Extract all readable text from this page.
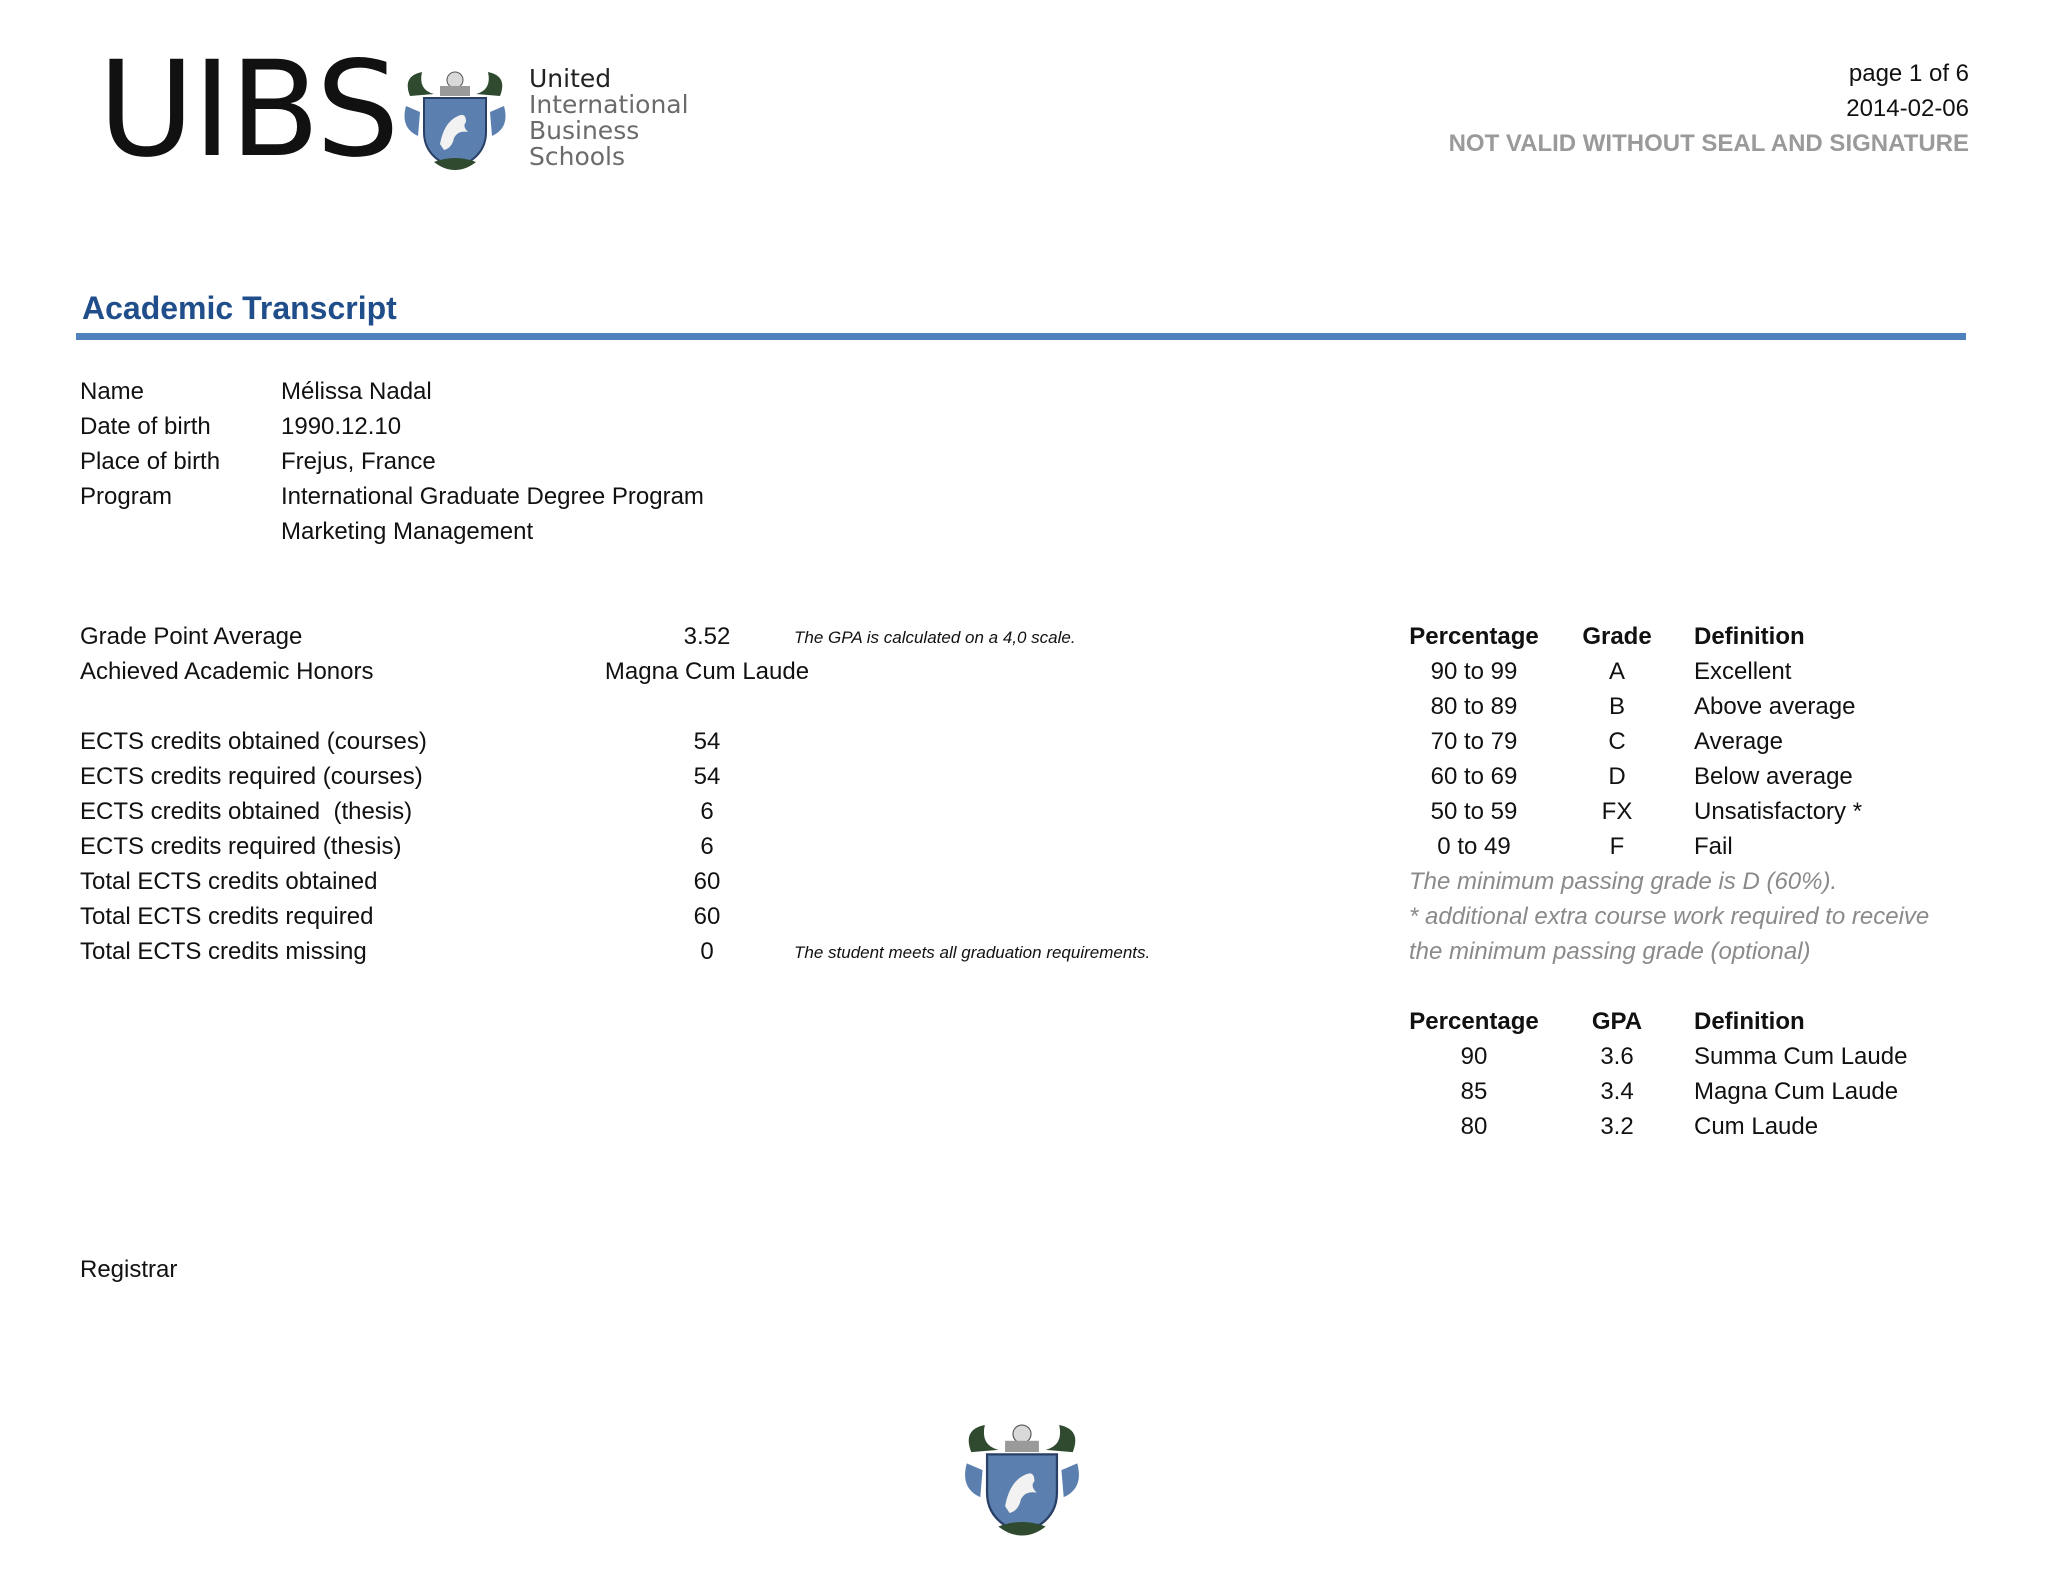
UIBS	United
International
Business
Schools
page 1 of 6
2014-02-06
NOT VALID WITHOUT SEAL AND SIGNATURE
Academic Transcript
Name	Mélissa Nadal
Date of birth	1990.12.10
Place of birth	Frejus, France
Program	International Graduate Degree Program
Marketing Management
Grade Point Average	3.52	The GPA is calculated on a 4,0 scale.
Achieved Academic Honors	Magna Cum Laude
ECTS credits obtained (courses)	54
ECTS credits required (courses)	54
ECTS credits obtained  (thesis)	6
ECTS credits required (thesis)	6
Total ECTS credits obtained	60
Total ECTS credits required	60
Total ECTS credits missing	0	The student meets all graduation requirements.
Percentage Grade Definition
90 to 99	A	Excellent
80 to 89	B	Above average
70 to 79	C	Average
60 to 69	D	Below average
50 to 59	FX	Unsatisfactory *
0 to 49	F	Fail
The minimum passing grade is D (60%).
* additional extra course work required to receive
the minimum passing grade (optional)
Percentage GPA Definition
90	3.6	Summa Cum Laude
85	3.4	Magna Cum Laude
80	3.2	Cum Laude
Registrar
